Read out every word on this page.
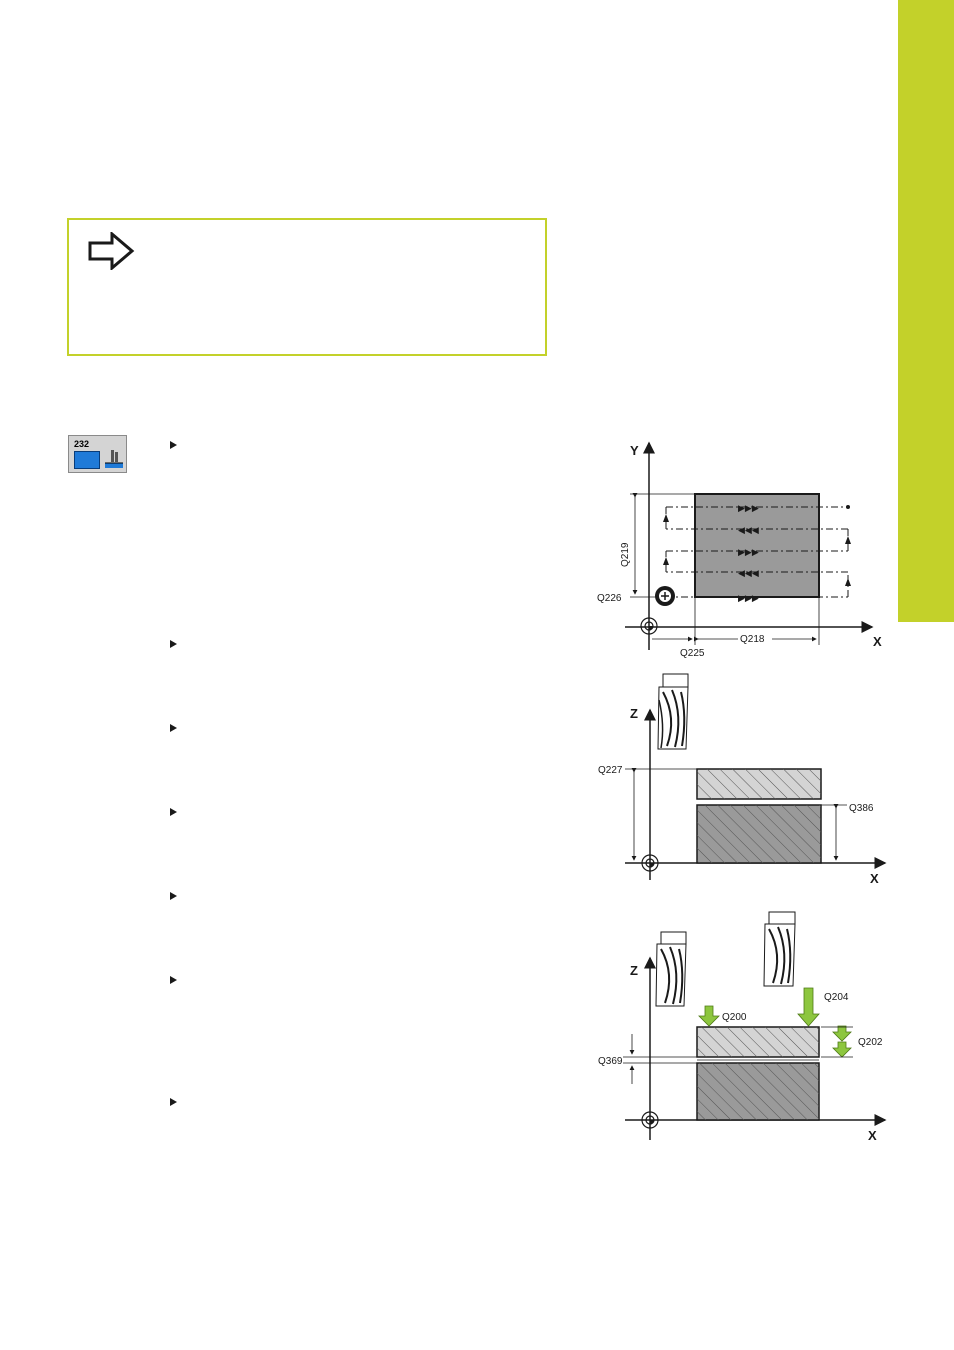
232	Y
X
Q219
Q226
Q218
Q225
▶▶▶
◀◀◀
▶▶▶
◀◀◀
▶▶▶
Z
X
Q227
Q386
Z
X
Q200
Q204
Q202
Q369
